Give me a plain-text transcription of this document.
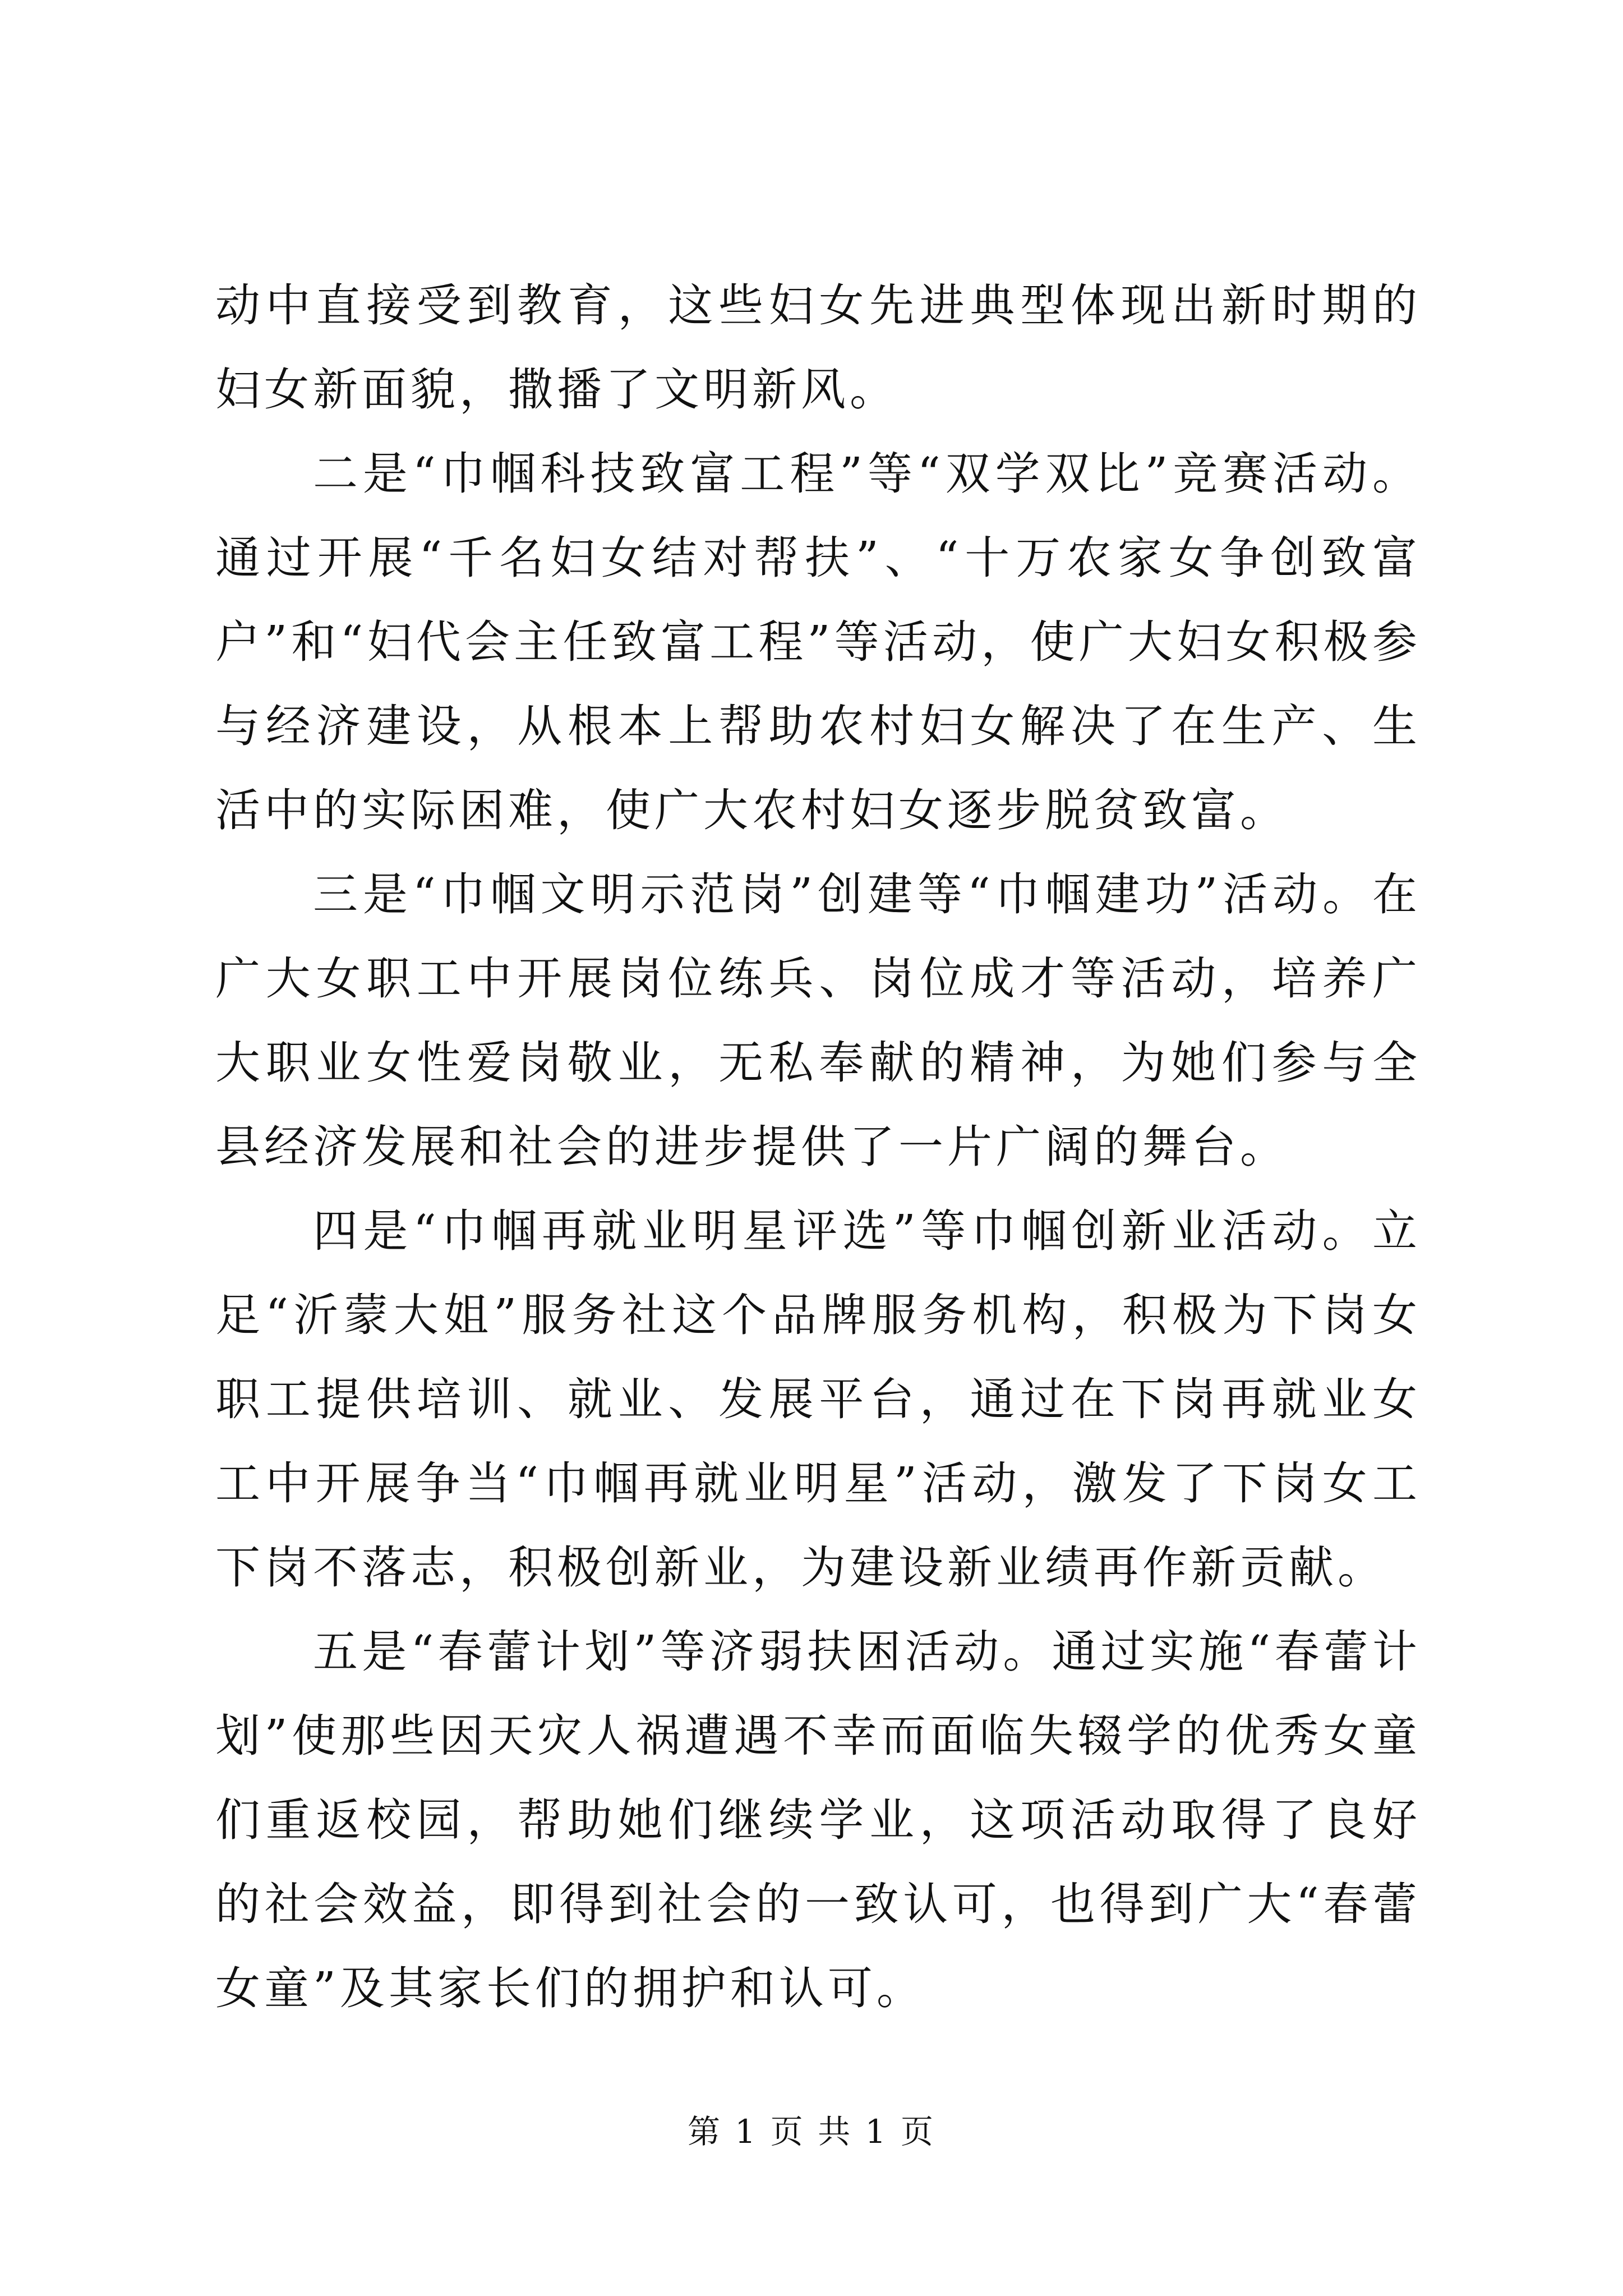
动中直接受到教育，这些妇女先进典型体现出新时期的妇女新面貌，撒播了文明新风。

二是“巾帼科技致富工程”等“双学双比”竞赛活动。通过开展“千名妇女结对帮扶”、“十万农家女争创致富户”和“妇代会主任致富工程”等活动，使广大妇女积极参与经济建设，从根本上帮助农村妇女解决了在生产、生活中的实际困难，使广大农村妇女逐步脱贫致富。

三是“巾帼文明示范岗”创建等“巾帼建功”活动。在广大女职工中开展岗位练兵、岗位成才等活动，培养广大职业女性爱岗敬业，无私奉献的精神，为她们参与全县经济发展和社会的进步提供了一片广阔的舞台。

四是“巾帼再就业明星评选”等巾帼创新业活动。立足“沂蒙大姐”服务社这个品牌服务机构，积极为下岗女职工提供培训、就业、发展平台，通过在下岗再就业女工中开展争当“巾帼再就业明星”活动，激发了下岗女工下岗不落志，积极创新业，为建设新业绩再作新贡献。

五是“春蕾计划”等济弱扶困活动。通过实施“春蕾计划”使那些因天灾人祸遭遇不幸而面临失辍学的优秀女童们重返校园，帮助她们继续学业，这项活动取得了良好的社会效益，即得到社会的一致认可，也得到广大“春蕾女童”及其家长们的拥护和认可。

第 1 页 共 1 页
